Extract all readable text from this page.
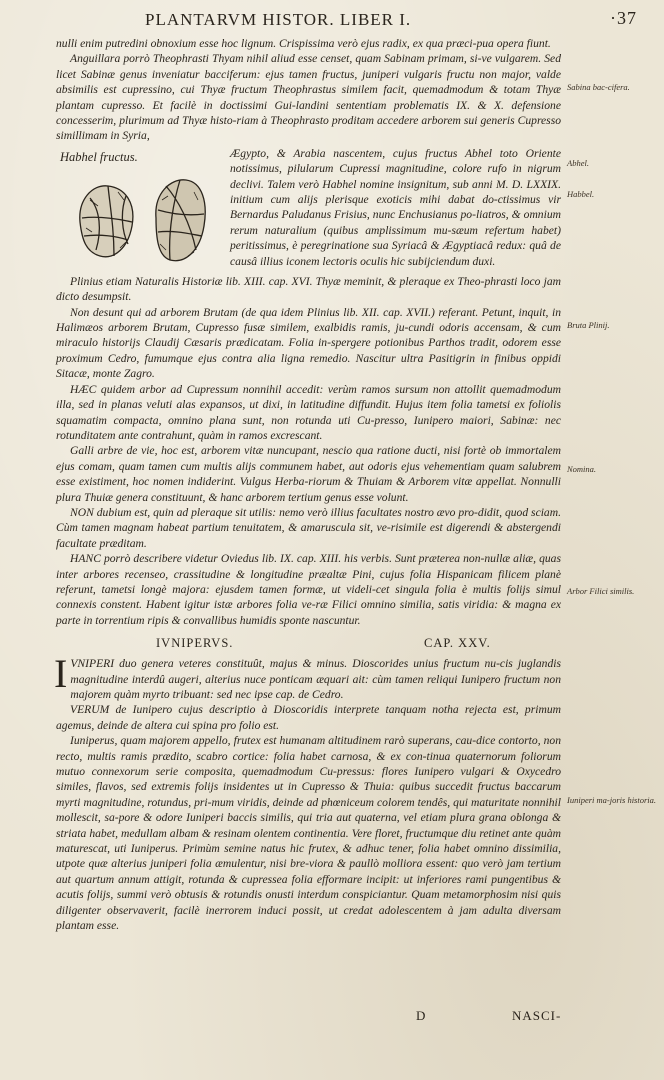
PLANTARVM HISTOR. LIBER I.	·37
Sabina bac-cifera.
Abhel.
Habbel.
Bruta Plinij.
Nomina.
Arbor Filici similis.
Iuniperi ma-joris historia.

nulli enim putredini obnoxium esse hoc lignum. Crispissima verò ejus radix, ex qua præci-pua opera fiunt.

Anguillara porrò Theophrasti Thyam nihil aliud esse censet, quam Sabinam primam, si-ve vulgarem. Sed licet Sabinæ genus inveniatur bacciferum: ejus tamen fructus, juniperi vulgaris fructu non major, valde absimilis est cupressino, cui Thyæ fructum Theophrastus similem facit, quemadmodum & totam Thyæ plantam cupresso. Et facilè in doctissimi Gui-landini sententiam problematis IX. & X. defensione concesserim, plurimum ad Thyæ histo-riam à Theophrasto proditam accedere arborem sui generis Cupresso simillimam in Syria,

Habhel fructus.	Ægypto, & Arabia nascentem, cujus fructus Abhel toto Oriente notissimus, pilularum Cupressi magnitudine, colore rufo in nigrum declivi. Talem verò Habhel nomine insignitum, sub anni M. D. LXXIX. initium cum alijs plerisque exoticis mihi dabat do-ctissimus vir Bernardus Paludanus Frisius, nunc Enchusianus po-liatros, & omnium rerum naturalium (quibus amplissimum mu-sæum refertum habet) peritissimus, è peregrinatione sua Syriacâ & Ægyptiacâ redux: quâ de causâ illius iconem lectoris oculis hic subijciendum duxi.

Plinius etiam Naturalis Historiæ lib. XIII. cap. XVI. Thyæ meminit, & pleraque ex Theo-phrasti loco jam dicto desumpsit.

Non desunt qui ad arborem Brutam (de qua idem Plinius lib. XII. cap. XVII.) referant. Petunt, inquit, in Halimæos arborem Brutam, Cupresso fusæ similem, exalbidis ramis, ju-cundi odoris accensam, & cum miraculo historijs Claudij Cæsaris prædicatam. Folia in-spergere potionibus Parthos tradit, odorem esse proximum Cedro, fumumque ejus contra alia ligna remedio. Nascitur ultra Pasitigrin in finibus oppidi Sitacæ, monte Zagro.

HÆC quidem arbor ad Cupressum nonnihil accedit: verùm ramos sursum non attollit quemadmodum illa, sed in planas veluti alas expansos, ut dixi, in latitudine diffundit. Hujus item folia tametsi ex foliolis squamatim compacta, omnino plana sunt, non rotunda uti Cu-presso, Iunipero maiori, Sabinæ: nec rotunditatem ante contrahunt, quàm in ramos excrescant.

Galli arbre de vie, hoc est, arborem vitæ nuncupant, nescio qua ratione ducti, nisi fortè ob immortalem ejus comam, quam tamen cum multis alijs communem habet, aut odoris ejus vehementiam quam salubrem esse existiment, hoc nomen indiderint. Vulgus Herba-riorum & Thuiam & Arborem vitæ appellat. Nonnulli plura Thuiæ genera constituunt, & hanc arborem tertium genus esse volunt.

NON dubium est, quin ad pleraque sit utilis: nemo verò illius facultates nostro ævo pro-didit, quod sciam. Cùm tamen magnam habeat partium tenuitatem, & amaruscula sit, ve-risimile est digerendi & abstergendi facultate præditam.

HANC porrò describere videtur Oviedus lib. IX. cap. XIII. his verbis. Sunt præterea non-nullæ aliæ, quas inter arbores recenseo, crassitudine & longitudine præaltæ Pini, cujus folia Hispanicam filicem planè referunt, tametsi longè majora: ejusdem tamen formæ, ut videli-cet singula folia è multis folijs simul connexis constent. Habent igitur istæ arbores folia ve-ræ Filici omnino similia, satis viridia: & magna ex parte in torrentium ripis & convallibus humidis sponte nascuntur.

IVNIPERVS.	CAP. XXV.

I VNIPERI duo genera veteres constituût, majus & minus. Dioscorides unius fructum nu-cis juglandis magnitudine interdû augeri, alterius nuce ponticam æquari ait: cùm tamen reliqui Iunipero fructum non majorem quàm myrto tribuant: sed nec ipse cap. de Cedro.

VERUM de Iunipero cujus descriptio à Dioscoridis interprete tanquam notha rejecta est, primum agemus, deinde de altera cui spina pro folio est.

Iuniperus, quam majorem appello, frutex est humanam altitudinem rarò superans, cau-dice contorto, non recto, multis ramis prædito, scabro cortice: folia habet carnosa, & ex con-tinua quaternorum foliorum mutuo connexorum serie composita, quemadmodum Cu-pressus: flores Iunipero vulgari & Oxycedro similes, flavos, sed extremis folijs insidentes ut in Cupresso & Thuia: quibus succedit fructus baccarum myrti magnitudine, rotundus, pri-mum viridis, deinde ad phœniceum colorem tendês, qui maturitate nonnihil mollescit, sa-pore & odore Iuniperi baccis similis, qui tria aut quaterna, vel etiam plura grana oblonga & striata habet, medullam albam & resinam olentem continentia. Vere floret, fructumque diu retinet ante quàm maturescat, uti Iuniperus. Primùm semine natus hic frutex, & adhuc tener, folia habet omnino dissimilia, utpote quæ alterius juniperi folia æmulentur, nisi bre-viora & paullò molliora essent: quo verò jam tertium aut quartum annum attigit, rotunda & cupressea folia efformare incipit: ut inferiores rami pungentibus & acutis folijs, summi verò obtusis & rotundis onusti interdum conspiciantur. Quam metamorphosim nisi quis diligenter observaverit, facilè inerrorem induci possit, ut credat adolescentem à jam adulta diversam plantam esse.

D	NASCI-
